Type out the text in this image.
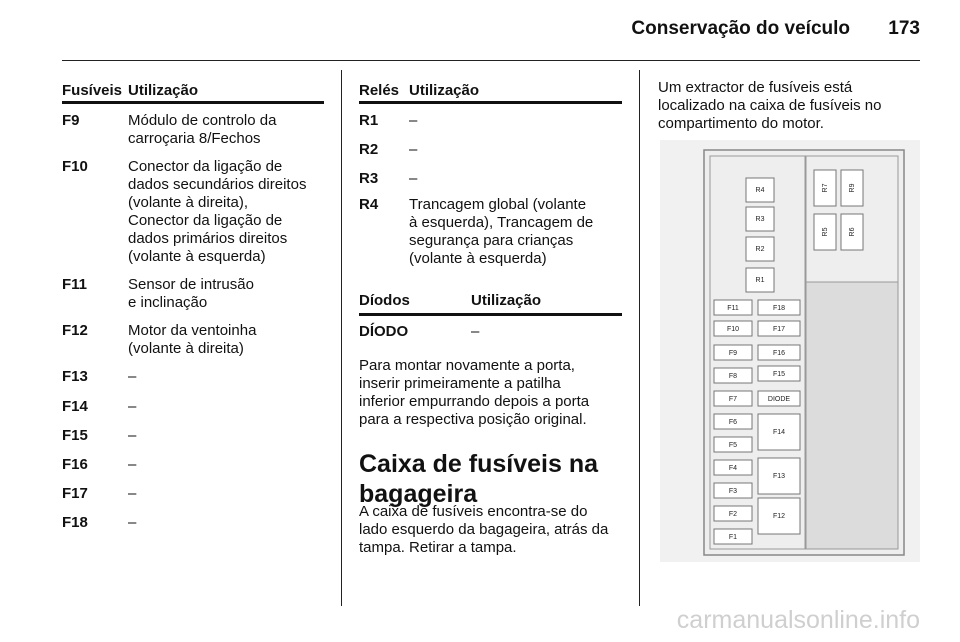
Conservação do veículo	173
Fusíveis Utilização
F9	Módulo de controlo da
carroçaria 8/Fechos
F10	Conector da ligação de
dados secundários direitos
(volante à direita),
Conector da ligação de
dados primários direitos
(volante à esquerda)
F11	Sensor de intrusão
e inclinação
F12	Motor da ventoinha
(volante à direita)
F13	–
F14	–
F15	–
F16	–
F17	–
F18	–
Relés Utilização
R1	–
R2	–
R3	–
R4	Trancagem global (volante
à esquerda), Trancagem de
segurança para crianças
(volante à esquerda)
Díodos	Utilização
DÍODO	–
Para montar novamente a porta,
inserir primeiramente a patilha
inferior empurrando depois a porta
para a respectiva posição original.
Caixa de fusíveis na
bagageira
A caixa de fusíveis encontra-se do
lado esquerdo da bagageira, atrás da
tampa. Retirar a tampa.
Um extractor de fusíveis está
localizado na caixa de fusíveis no
compartimento do motor.
R4
R3
R2
R1
R7	R9
R5	R6
F11
F10
F9
F8
F7
F6
F5
F4
F3
F2
F1
F18
F17
F16
F15
DIODE
F14
F13
F12
carmanualsonline.info
